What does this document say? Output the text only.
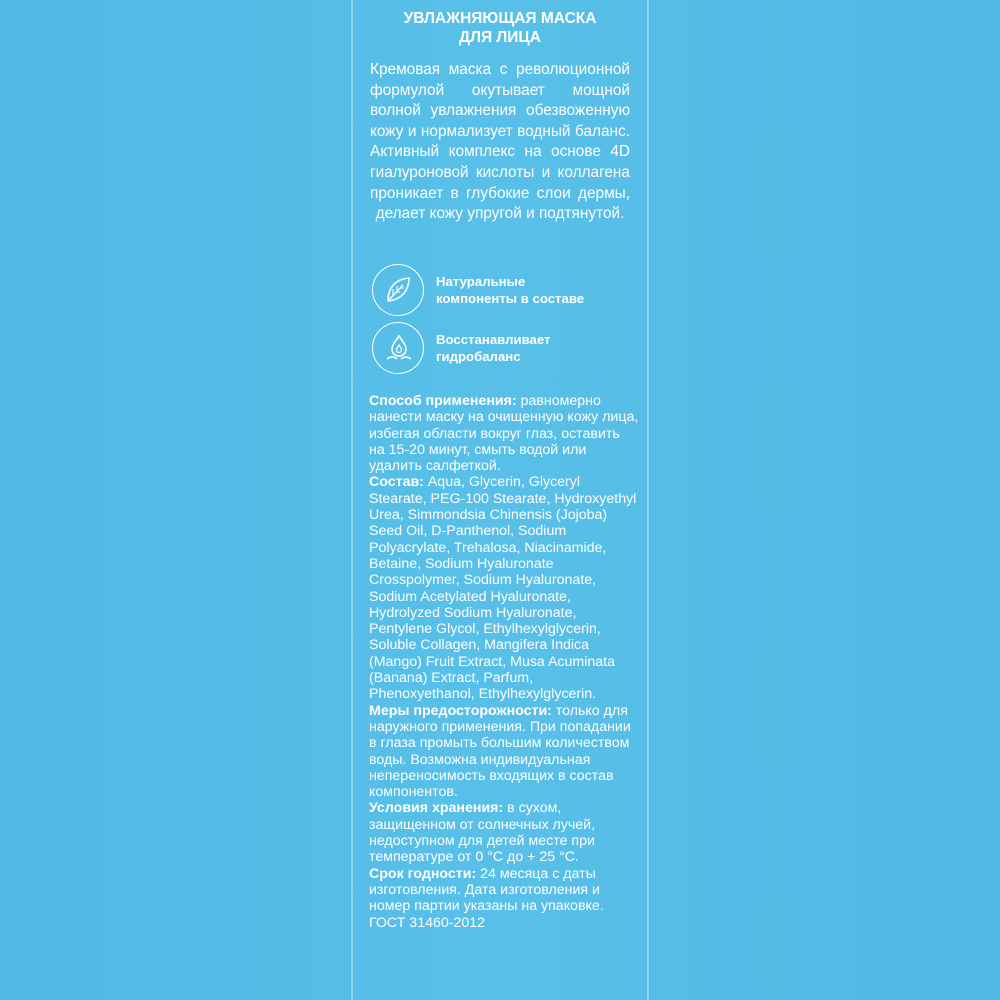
УВЛАЖНЯЮЩАЯ МАСКА
ДЛЯ ЛИЦА
Кремовая маска с революционной формулой окутывает мощной волной увлажнения обезвоженную кожу и нормализует водный баланс. Активный комплекс на основе 4D гиалуроновой кислоты и коллагена проникает в глубокие слои дермы, делает кожу упругой и подтянутой.
Натуральные
компоненты в составе
Восстанавливает
гидробаланс

Способ применения: равномерно нанести маску на очищенную кожу лица, избегая области вокруг глаз, оставить на 15-20 минут, смыть водой или удалить салфеткой.

Состав: Aqua, Glycerin, Glyceryl Stearate, PEG-100 Stearate, Hydroxyethyl Urea, Simmondsia Chinensis (Jojoba) Seed Oil, D-Panthenol, Sodium Polyacrylate, Trehalosa, Niacinamide, Betaine, Sodium Hyaluronate Crosspolymer, Sodium Hyaluronate, Sodium Acetylated Hyaluronate, Hydrolyzed Sodium Hyaluronate, Pentylene Glycol, Ethylhexylglycerin, Soluble Collagen, Mangifera Indica (Mango) Fruit Extract, Musa Acuminata (Banana) Extract, Parfum, Phenoxyethanol, Ethylhexylglycerin.

Меры предосторожности: только для наружного применения. При попадании в глаза промыть большим количеством воды. Возможна индивидуальная непереносимость входящих в состав компонентов.

Условия хранения: в сухом, защищенном от солнечных лучей, недоступном для детей месте при температуре от 0 °С до + 25 °С.

Срок годности: 24 месяца с даты изготовления. Дата изготовления и номер партии указаны на упаковке.

ГОСТ 31460-2012
